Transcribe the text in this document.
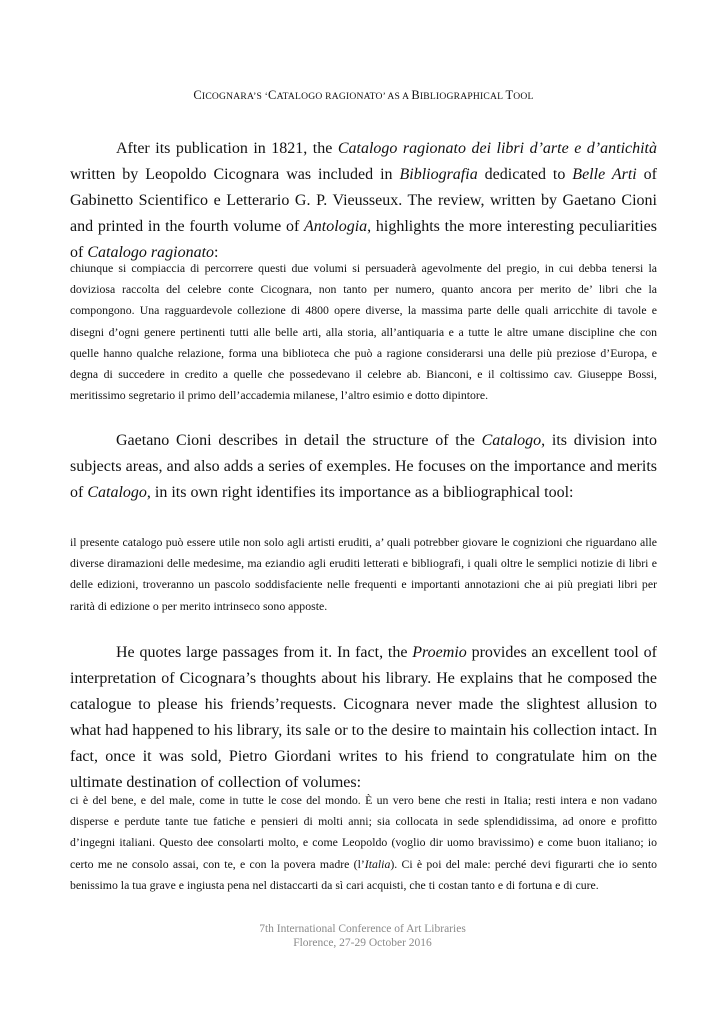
CICOGNARA’S ‘CATALOGO RAGIONATO’ AS A BIBLIOGRAPHICAL TOOL

After its publication in 1821, the Catalogo ragionato dei libri d’arte e d’antichità written by Leopoldo Cicognara was included in Bibliografia dedicated to Belle Arti of Gabinetto Scientifico e Letterario G. P. Vieusseux. The review, written by Gaetano Cioni and printed in the fourth volume of Antologia, highlights the more interesting peculiarities of Catalogo ragionato:

chiunque si compiaccia di percorrere questi due volumi si persuaderà agevolmente del pregio, in cui debba tenersi la doviziosa raccolta del celebre conte Cicognara, non tanto per numero, quanto ancora per merito de’ libri che la compongono. Una ragguardevole collezione di 4800 opere diverse, la massima parte delle quali arricchite di tavole e disegni d’ogni genere pertinenti tutti alle belle arti, alla storia, all’antiquaria e a tutte le altre umane discipline che con quelle hanno qualche relazione, forma una biblioteca che può a ragione considerarsi una delle più preziose d’Europa, e degna di succedere in credito a quelle che possedevano il celebre ab. Bianconi, e il coltissimo cav. Giuseppe Bossi, meritissimo segretario il primo dell’accademia milanese, l’altro esimio e dotto dipintore.

Gaetano Cioni describes in detail the structure of the Catalogo, its division into subjects areas, and also adds a series of exemples. He focuses on the importance and merits of Catalogo, in its own right identifies its importance as a bibliographical tool:

il presente catalogo può essere utile non solo agli artisti eruditi, a’ quali potrebber giovare le cognizioni che riguardano alle diverse diramazioni delle medesime, ma eziandio agli eruditi letterati e bibliografi, i quali oltre le semplici notizie di libri e delle edizioni, troveranno un pascolo soddisfaciente nelle frequenti e importanti annotazioni che ai più pregiati libri per rarità di edizione o per merito intrinseco sono apposte.

He quotes large passages from it. In fact, the Proemio provides an excellent tool of interpretation of Cicognara’s thoughts about his library. He explains that he composed the catalogue to please his friends’requests. Cicognara never made the slightest allusion to what had happened to his library, its sale or to the desire to maintain his collection intact. In fact, once it was sold, Pietro Giordani writes to his friend to congratulate him on the ultimate destination of collection of volumes:

ci è del bene, e del male, come in tutte le cose del mondo. È un vero bene che resti in Italia; resti intera e non vadano disperse e perdute tante tue fatiche e pensieri di molti anni; sia collocata in sede splendidissima, ad onore e profitto d’ingegni italiani. Questo dee consolarti molto, e come Leopoldo (voglio dir uomo bravissimo) e come buon italiano; io certo me ne consolo assai, con te, e con la povera madre (l’Italia). Ci è poi del male: perché devi figurarti che io sento benissimo la tua grave e ingiusta pena nel distaccarti da sì cari acquisti, che ti costan tanto e di fortuna e di cure.

7th International Conference of Art Libraries
Florence, 27-29 October 2016
